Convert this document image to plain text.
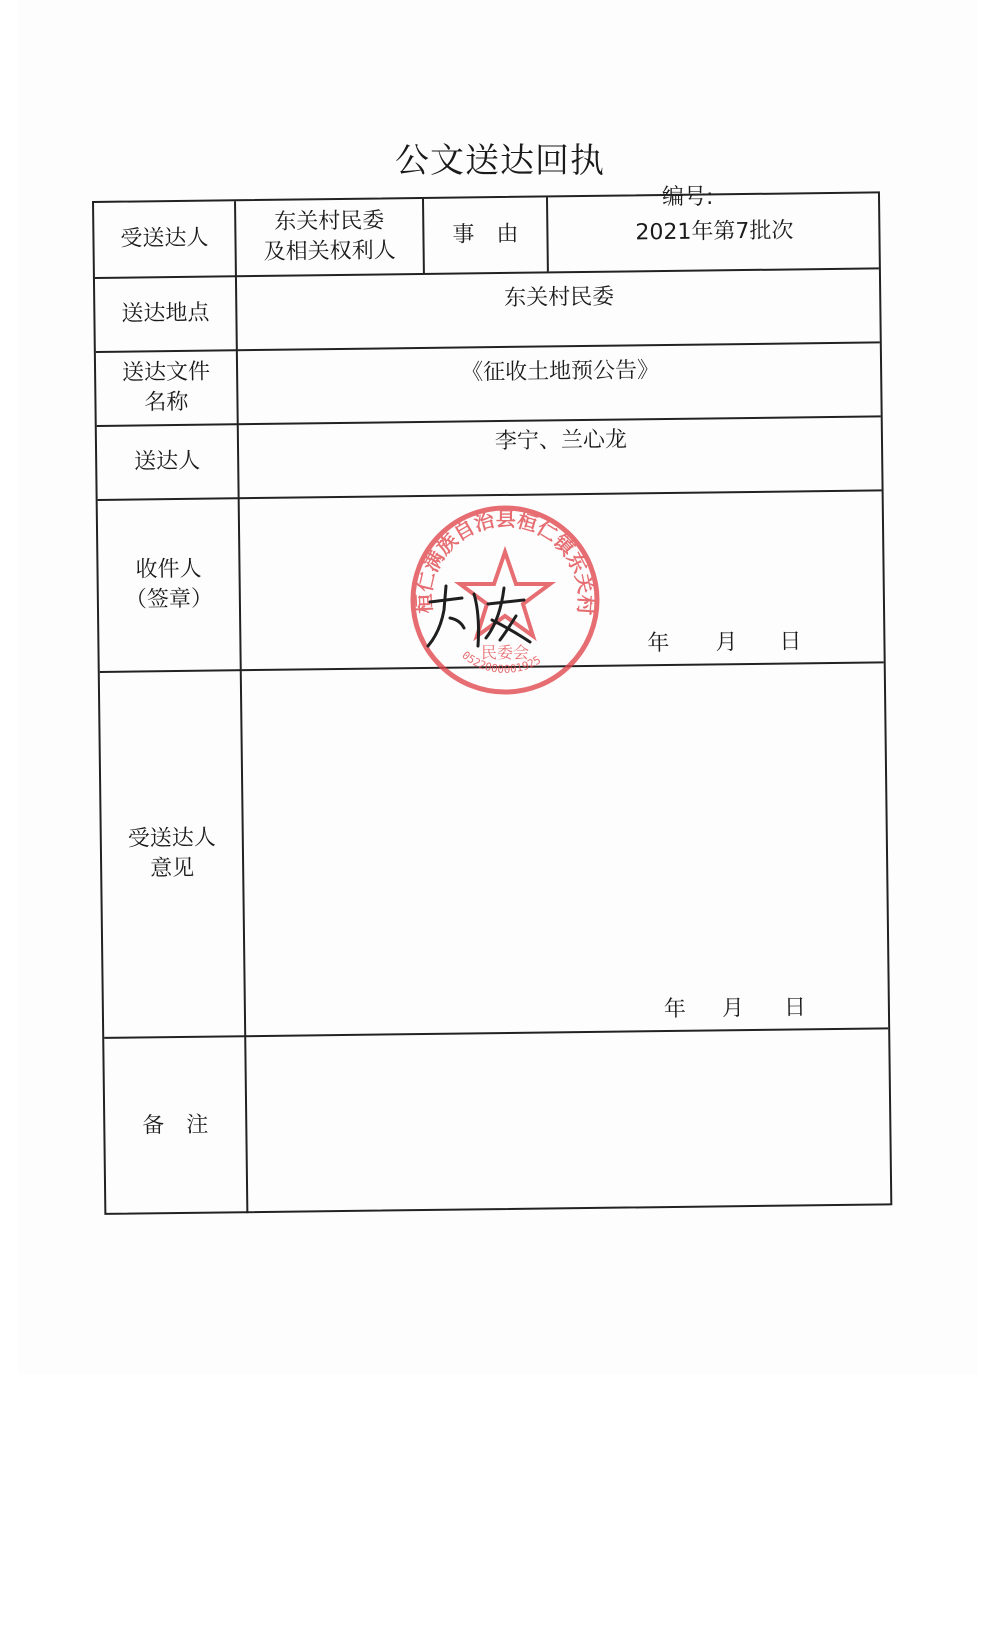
公文送达回执
编号:
受送达人
东关村民委
及相关权利人
事　由	2021年第7批次
送达地点
东关村民委
送达文件
名称
《征收土地预公告》
送达人
李宁、兰心龙
收件人
（签章）
年 月 日
受送达人
意见
年 月 日
备　注
桓仁满族自治县桓仁镇东关村
民委会
0522000001925
